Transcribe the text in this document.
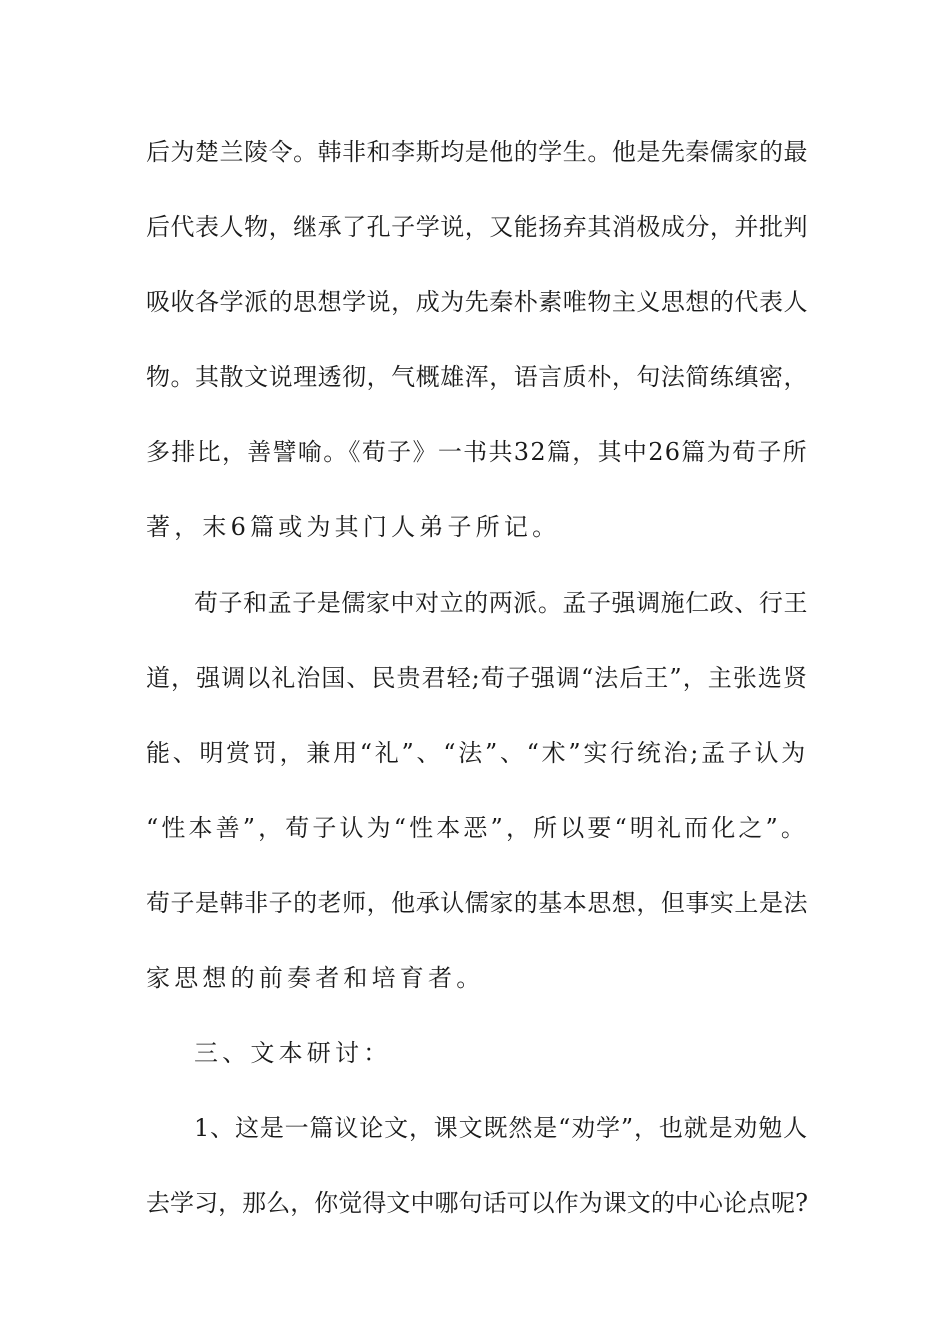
后为楚兰陵令。韩非和李斯均是他的学生。他是先秦儒家的最

后代表人物，继承了孔子学说，又能扬弃其消极成分，并批判

吸收各学派的思想学说，成为先秦朴素唯物主义思想的代表人

物。其散文说理透彻，气概雄浑，语言质朴，句法简练缜密，

多排比，善譬喻。《荀子》一书共32篇，其中26篇为荀子所

著，末6篇或为其门人弟子所记。

荀子和孟子是儒家中对立的两派。孟子强调施仁政、行王

道，强调以礼治国、民贵君轻;荀子强调“法后王”，主张选贤

能、明赏罚，兼用“礼”、“法”、“术”实行统治;孟子认为

“性本善”，荀子认为“性本恶”，所以要“明礼而化之”。

荀子是韩非子的老师，他承认儒家的基本思想，但事实上是法

家思想的前奏者和培育者。

三、文本研讨：

1、这是一篇议论文，课文既然是“劝学”，也就是劝勉人

去学习，那么，你觉得文中哪句话可以作为课文的中心论点呢?
